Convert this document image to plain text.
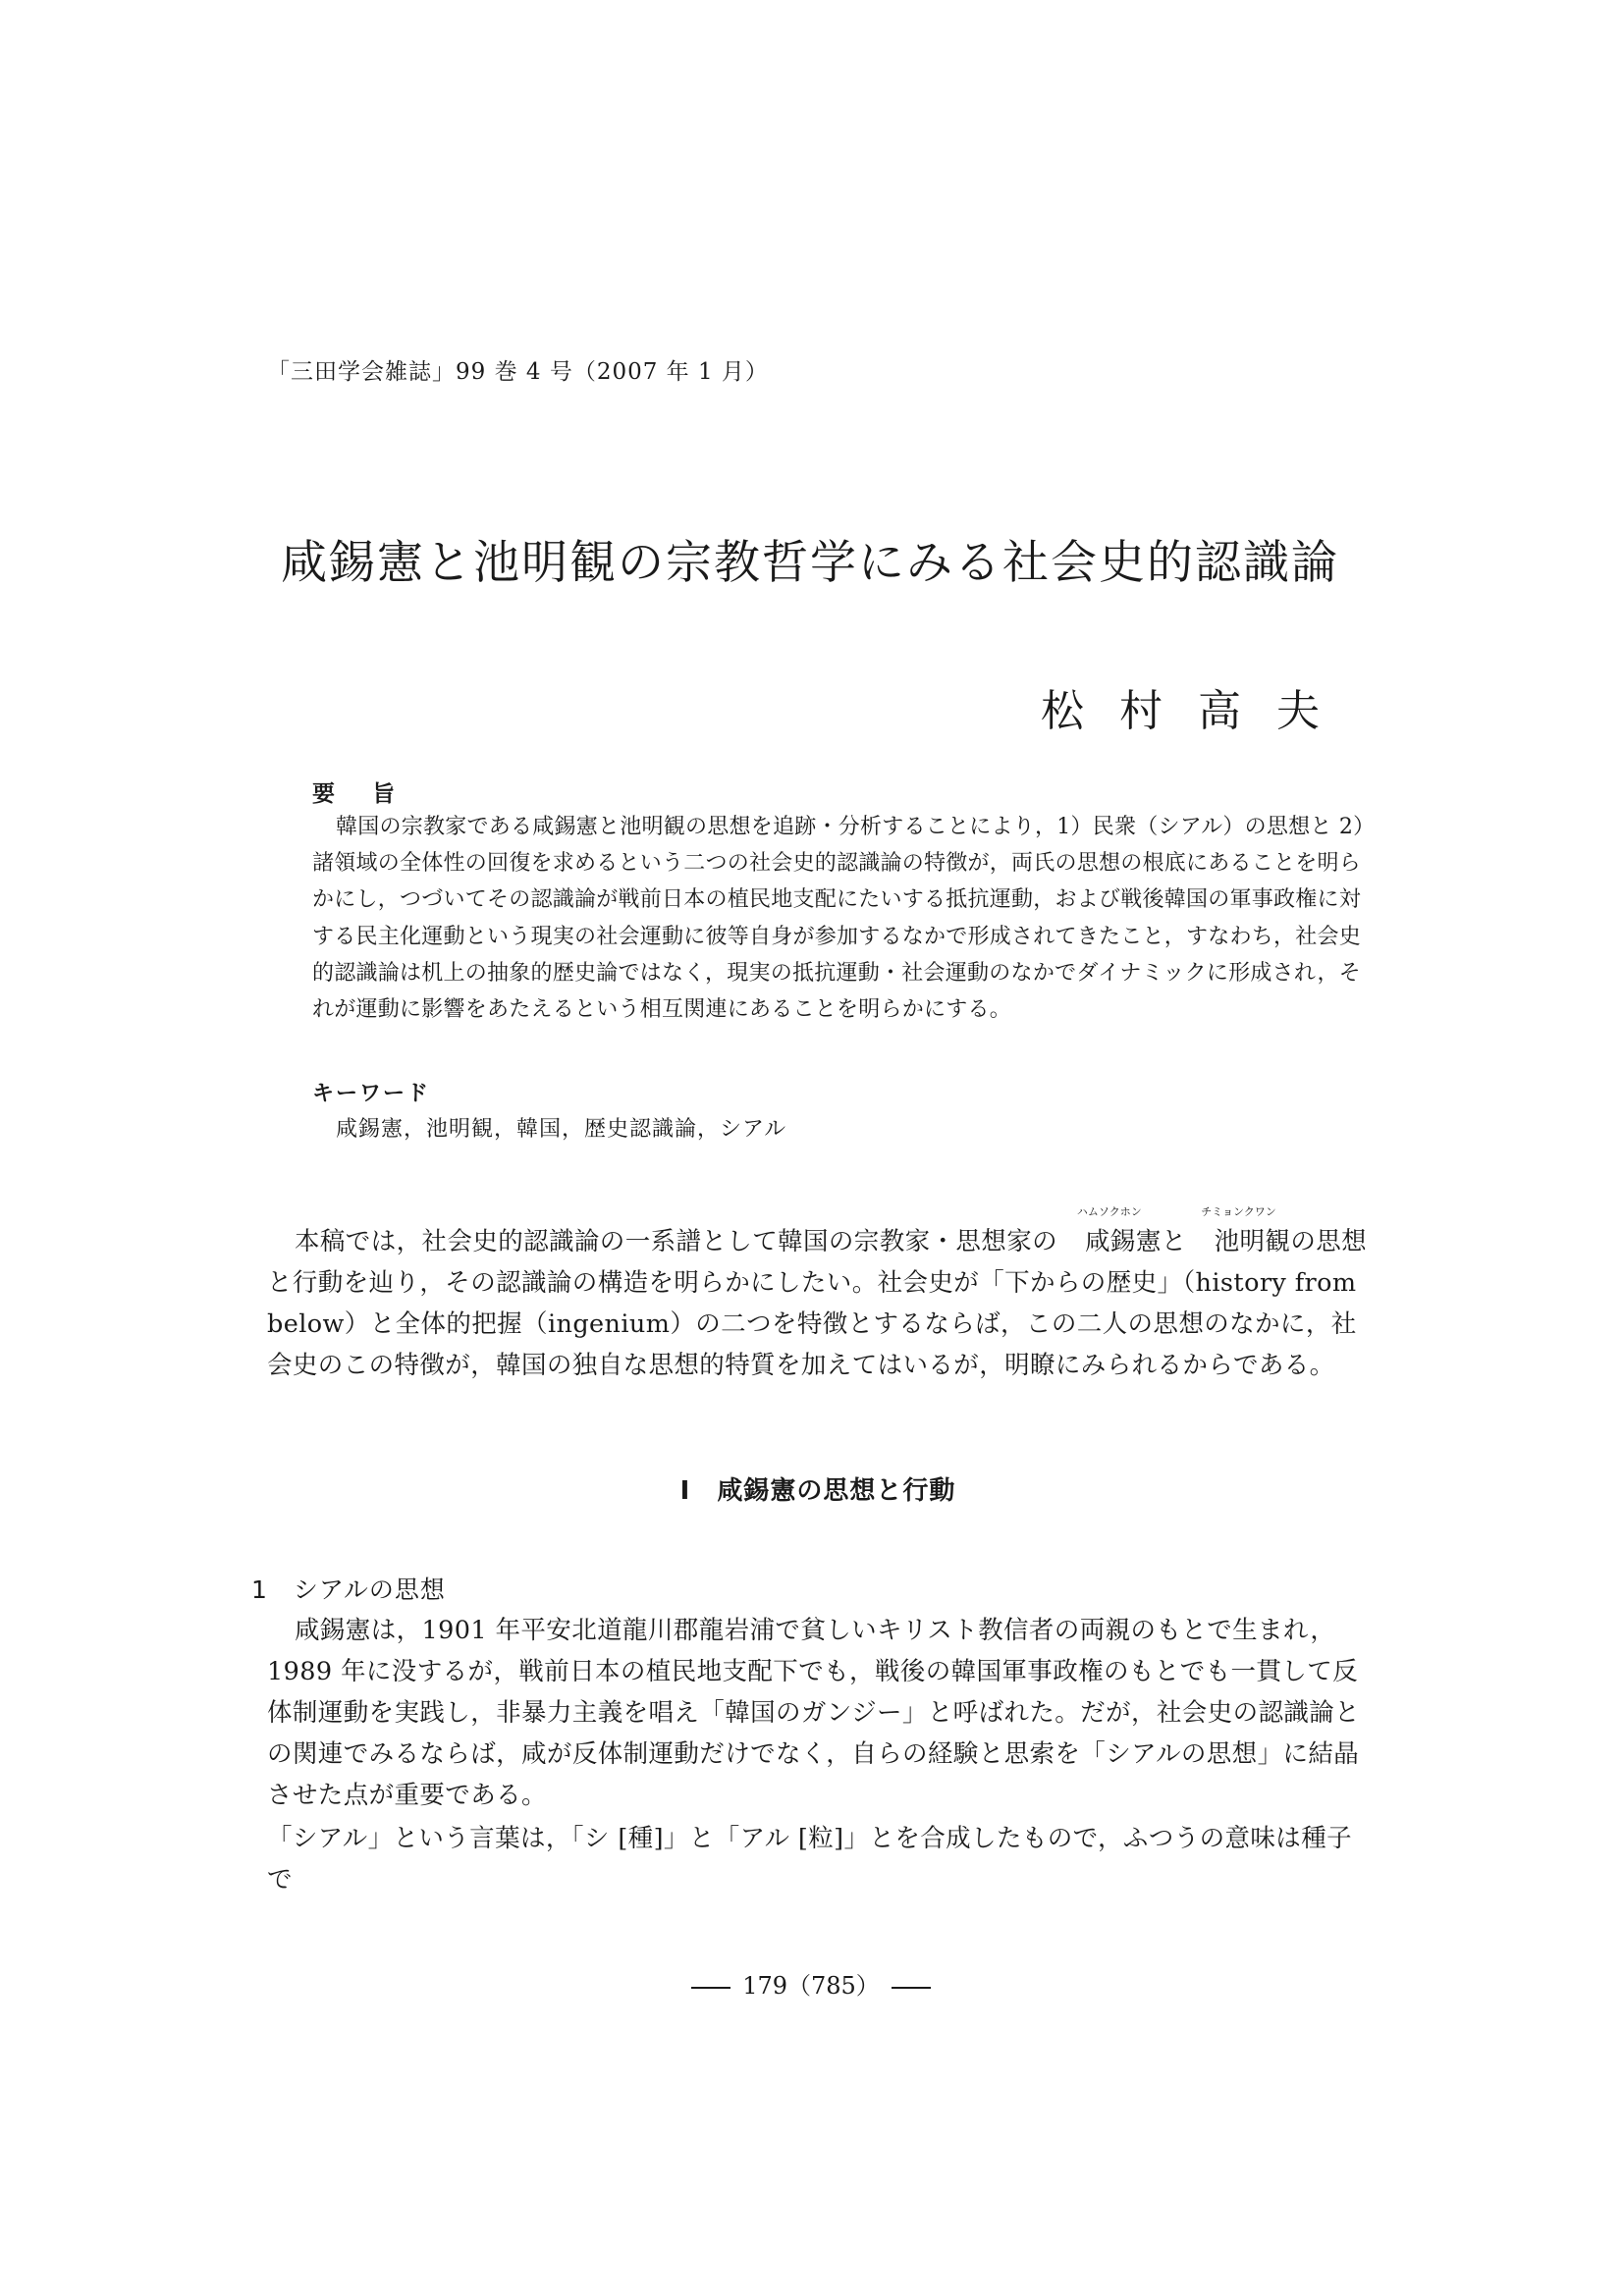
「三田学会雑誌」99 巻 4 号（2007 年 1 月）
咸錫憲と池明観の宗教哲学にみる社会史的認識論
松村高夫
要旨

韓国の宗教家である咸錫憲と池明観の思想を追跡・分析することにより，1）民衆（シアル）の思想と 2）諸領域の全体性の回復を求めるという二つの社会史的認識論の特徴が，両氏の思想の根底にあることを明らかにし，つづいてその認識論が戦前日本の植民地支配にたいする抵抗運動，および戦後韓国の軍事政権に対する民主化運動という現実の社会運動に彼等自身が参加するなかで形成されてきたこと，すなわち，社会史的認識論は机上の抽象的歴史論ではなく，現実の抵抗運動・社会運動のなかでダイナミックに形成され，それが運動に影響をあたえるという相互関連にあることを明らかにする。

キーワード
咸錫憲，池明観，韓国，歴史認識論，シアル

本稿では，社会史的認識論の一系譜として韓国の宗教家・思想家の
ハムソクホン
咸錫憲と
チミョンクワン
池明観の思想と行動を辿り，その認識論の構造を明らかにしたい。社会史が「下からの歴史」（history from below）と全体的把握（ingenium）の二つを特徴とするならば，この二人の思想のなかに，社会史のこの特徴が，韓国の独自な思想的特質を加えてはいるが，明瞭にみられるからである。

I　咸錫憲の思想と行動
1　シアルの思想

咸錫憲は，1901 年平安北道龍川郡龍岩浦で貧しいキリスト教信者の両親のもとで生まれ，1989 年に没するが，戦前日本の植民地支配下でも，戦後の韓国軍事政権のもとでも一貫して反体制運動を実践し，非暴力主義を唱え「韓国のガンジー」と呼ばれた。だが，社会史の認識論との関連でみるならば，咸が反体制運動だけでなく，自らの経験と思索を「シアルの思想」に結晶させた点が重要である。

「シアル」という言葉は，「シ [種]」と「アル [粒]」とを合成したもので，ふつうの意味は種子で

179（785）
